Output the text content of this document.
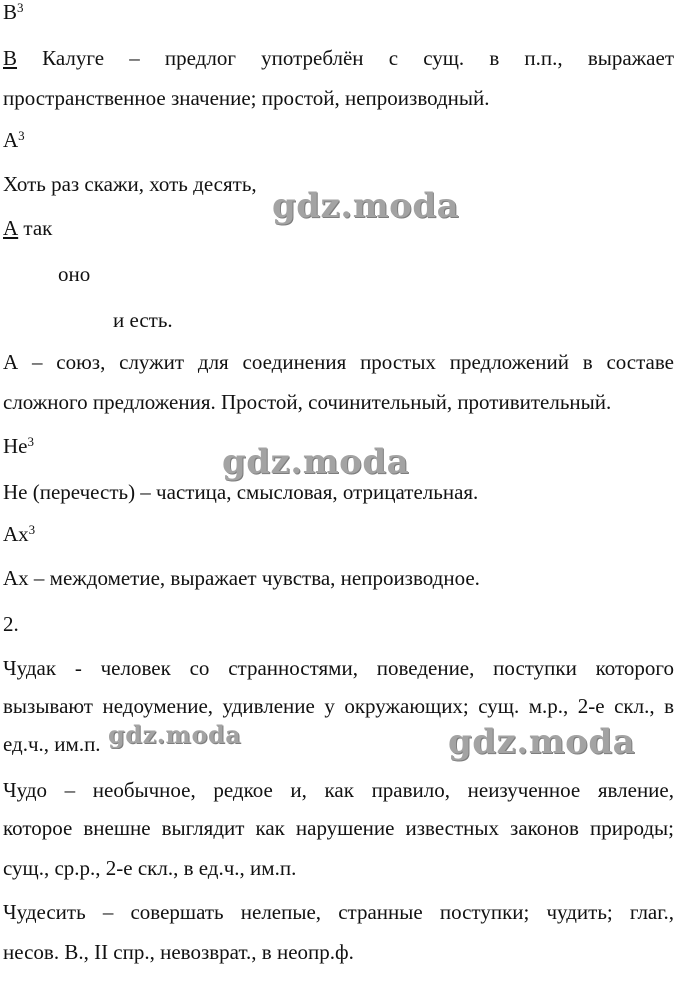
$В^3$
В Калуге – предлог употреблён с сущ. в п.п., выражает
пространственное значение; простой, непроизводный.
$А^3$
Хоть раз скажи, хоть десять,
А так
оно
и есть.
А – союз, служит для соединения простых предложений в составе
сложного предложения. Простой, сочинительный, противительный.
$Не^3$
Не (перечесть) – частица, смысловая, отрицательная.
$Ах^3$
Ах – междометие, выражает чувства, непроизводное.
2.
Чудак - человек со странностями, поведение, поступки которого
вызывают недоумение, удивление у окружающих; сущ. м.р., 2-е скл., в
ед.ч., им.п.
Чудо – необычное, редкое и, как правило, неизученное явление,
которое внешне выглядит как нарушение известных законов природы;
сущ., ср.р., 2-е скл., в ед.ч., им.п.
Чудесить – совершать нелепые, странные поступки; чудить; глаг.,
несов. В., II спр., невозврат., в неопр.ф.
gdz.moda
gdz.moda
gdz.moda	gdz.moda
